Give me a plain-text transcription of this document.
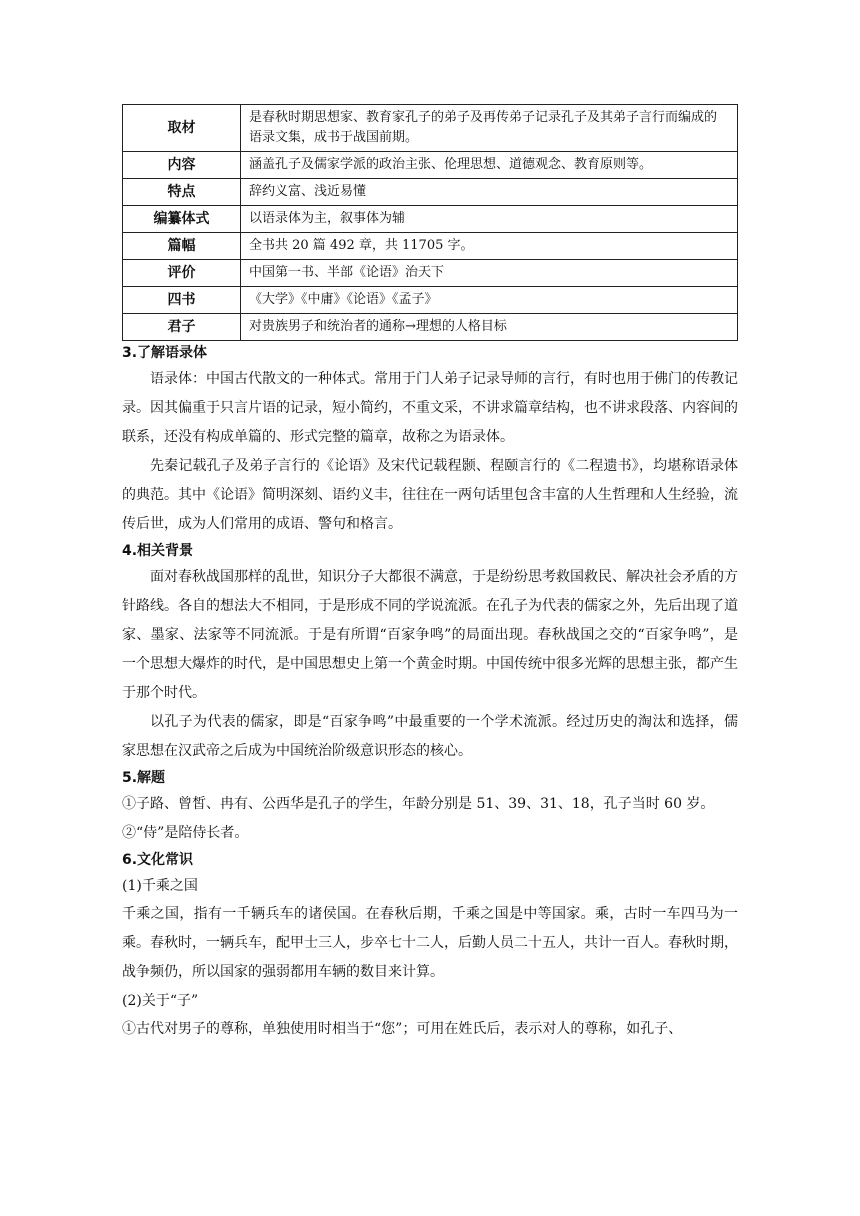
取材	是春秋时期思想家、教育家孔子的弟子及再传弟子记录孔子及其弟子言行而编成的语录文集，成书于战国前期。
内容	涵盖孔子及儒家学派的政治主张、伦理思想、道德观念、教育原则等。
特点	辞约义富、浅近易懂
编纂体式	以语录体为主，叙事体为辅
篇幅	全书共 20 篇 492 章，共 11705 字。
评价	中国第一书、半部《论语》治天下
四书	《大学》《中庸》《论语》《孟子》
君子	对贵族男子和统治者的通称→理想的人格目标

3.了解语录体

语录体：中国古代散文的一种体式。常用于门人弟子记录导师的言行，有时也用于佛门的传教记录。因其偏重于只言片语的记录，短小简约，不重文采，不讲求篇章结构，也不讲求段落、内容间的联系，还没有构成单篇的、形式完整的篇章，故称之为语录体。

先秦记载孔子及弟子言行的《论语》及宋代记载程颢、程颐言行的《二程遗书》，均堪称语录体的典范。其中《论语》简明深刻、语约义丰，往往在一两句话里包含丰富的人生哲理和人生经验，流传后世，成为人们常用的成语、警句和格言。

4.相关背景

面对春秋战国那样的乱世，知识分子大都很不满意，于是纷纷思考救国救民、解决社会矛盾的方针路线。各自的想法大不相同，于是形成不同的学说流派。在孔子为代表的儒家之外，先后出现了道家、墨家、法家等不同流派。于是有所谓“百家争鸣”的局面出现。春秋战国之交的“百家争鸣”，是一个思想大爆炸的时代，是中国思想史上第一个黄金时期。中国传统中很多光辉的思想主张，都产生于那个时代。

以孔子为代表的儒家，即是“百家争鸣”中最重要的一个学术流派。经过历史的淘汰和选择，儒家思想在汉武帝之后成为中国统治阶级意识形态的核心。

5.解题

①子路、曾皙、冉有、公西华是孔子的学生，年龄分别是 51、39、31、18，孔子当时 60 岁。

②“侍”是陪侍长者。

6.文化常识

(1)千乘之国

千乘之国，指有一千辆兵车的诸侯国。在春秋后期，千乘之国是中等国家。乘，古时一车四马为一乘。春秋时，一辆兵车，配甲士三人，步卒七十二人，后勤人员二十五人，共计一百人。春秋时期，战争频仍，所以国家的强弱都用车辆的数目来计算。

(2)关于“子”

①古代对男子的尊称，单独使用时相当于“您”；可用在姓氏后，表示对人的尊称，如孔子、
